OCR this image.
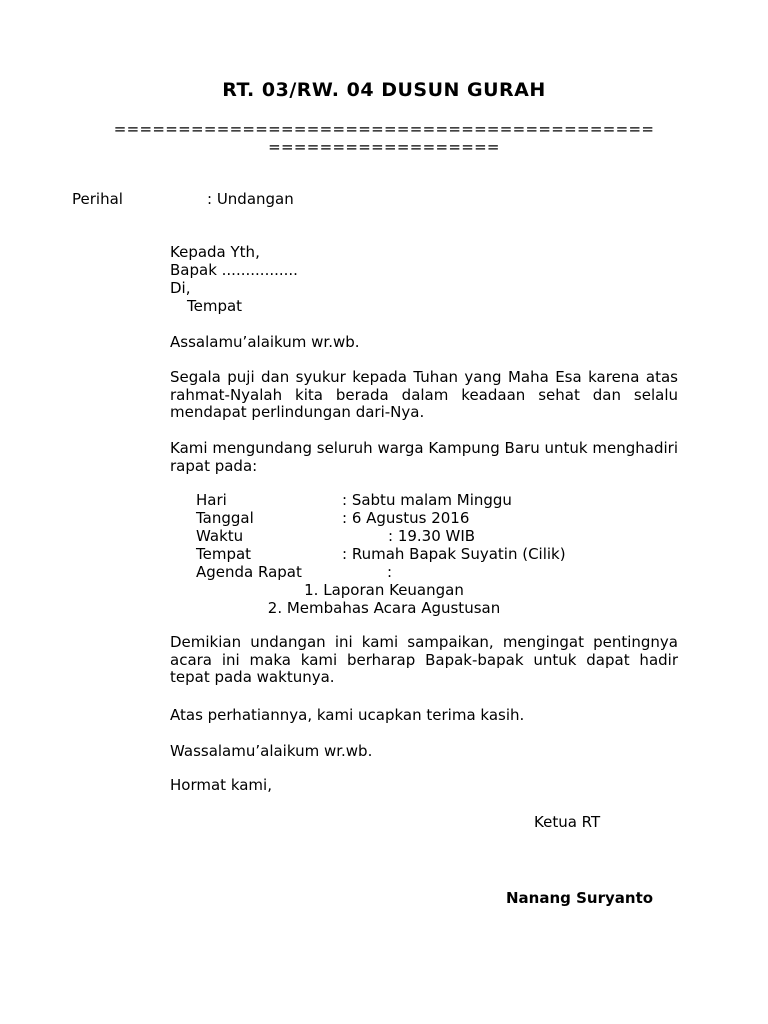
RT. 03/RW. 04 DUSUN GURAH
==========================================
==================
Perihal	: Undangan
Kepada Yth,
Bapak ................
Di,
Tempat
Assalamu’alaikum wr.wb.
Segala puji dan syukur kepada Tuhan yang Maha Esa karena atas rahmat-Nyalah kita berada dalam keadaan sehat dan selalu mendapat perlindungan dari-Nya.
Kami mengundang seluruh warga Kampung Baru untuk menghadiri rapat pada:
Hari	: Sabtu malam Minggu
Tanggal	: 6 Agustus 2016
Waktu	: 19.30 WIB
Tempat	: Rumah Bapak Suyatin (Cilik)
Agenda Rapat	:
1. Laporan Keuangan
2. Membahas Acara Agustusan
Demikian undangan ini kami sampaikan, mengingat pentingnya acara ini maka kami berharap Bapak-bapak untuk dapat hadir tepat pada waktunya.
Atas perhatiannya, kami ucapkan terima kasih.
Wassalamu’alaikum wr.wb.
Hormat kami,
Ketua RT
Nanang Suryanto
